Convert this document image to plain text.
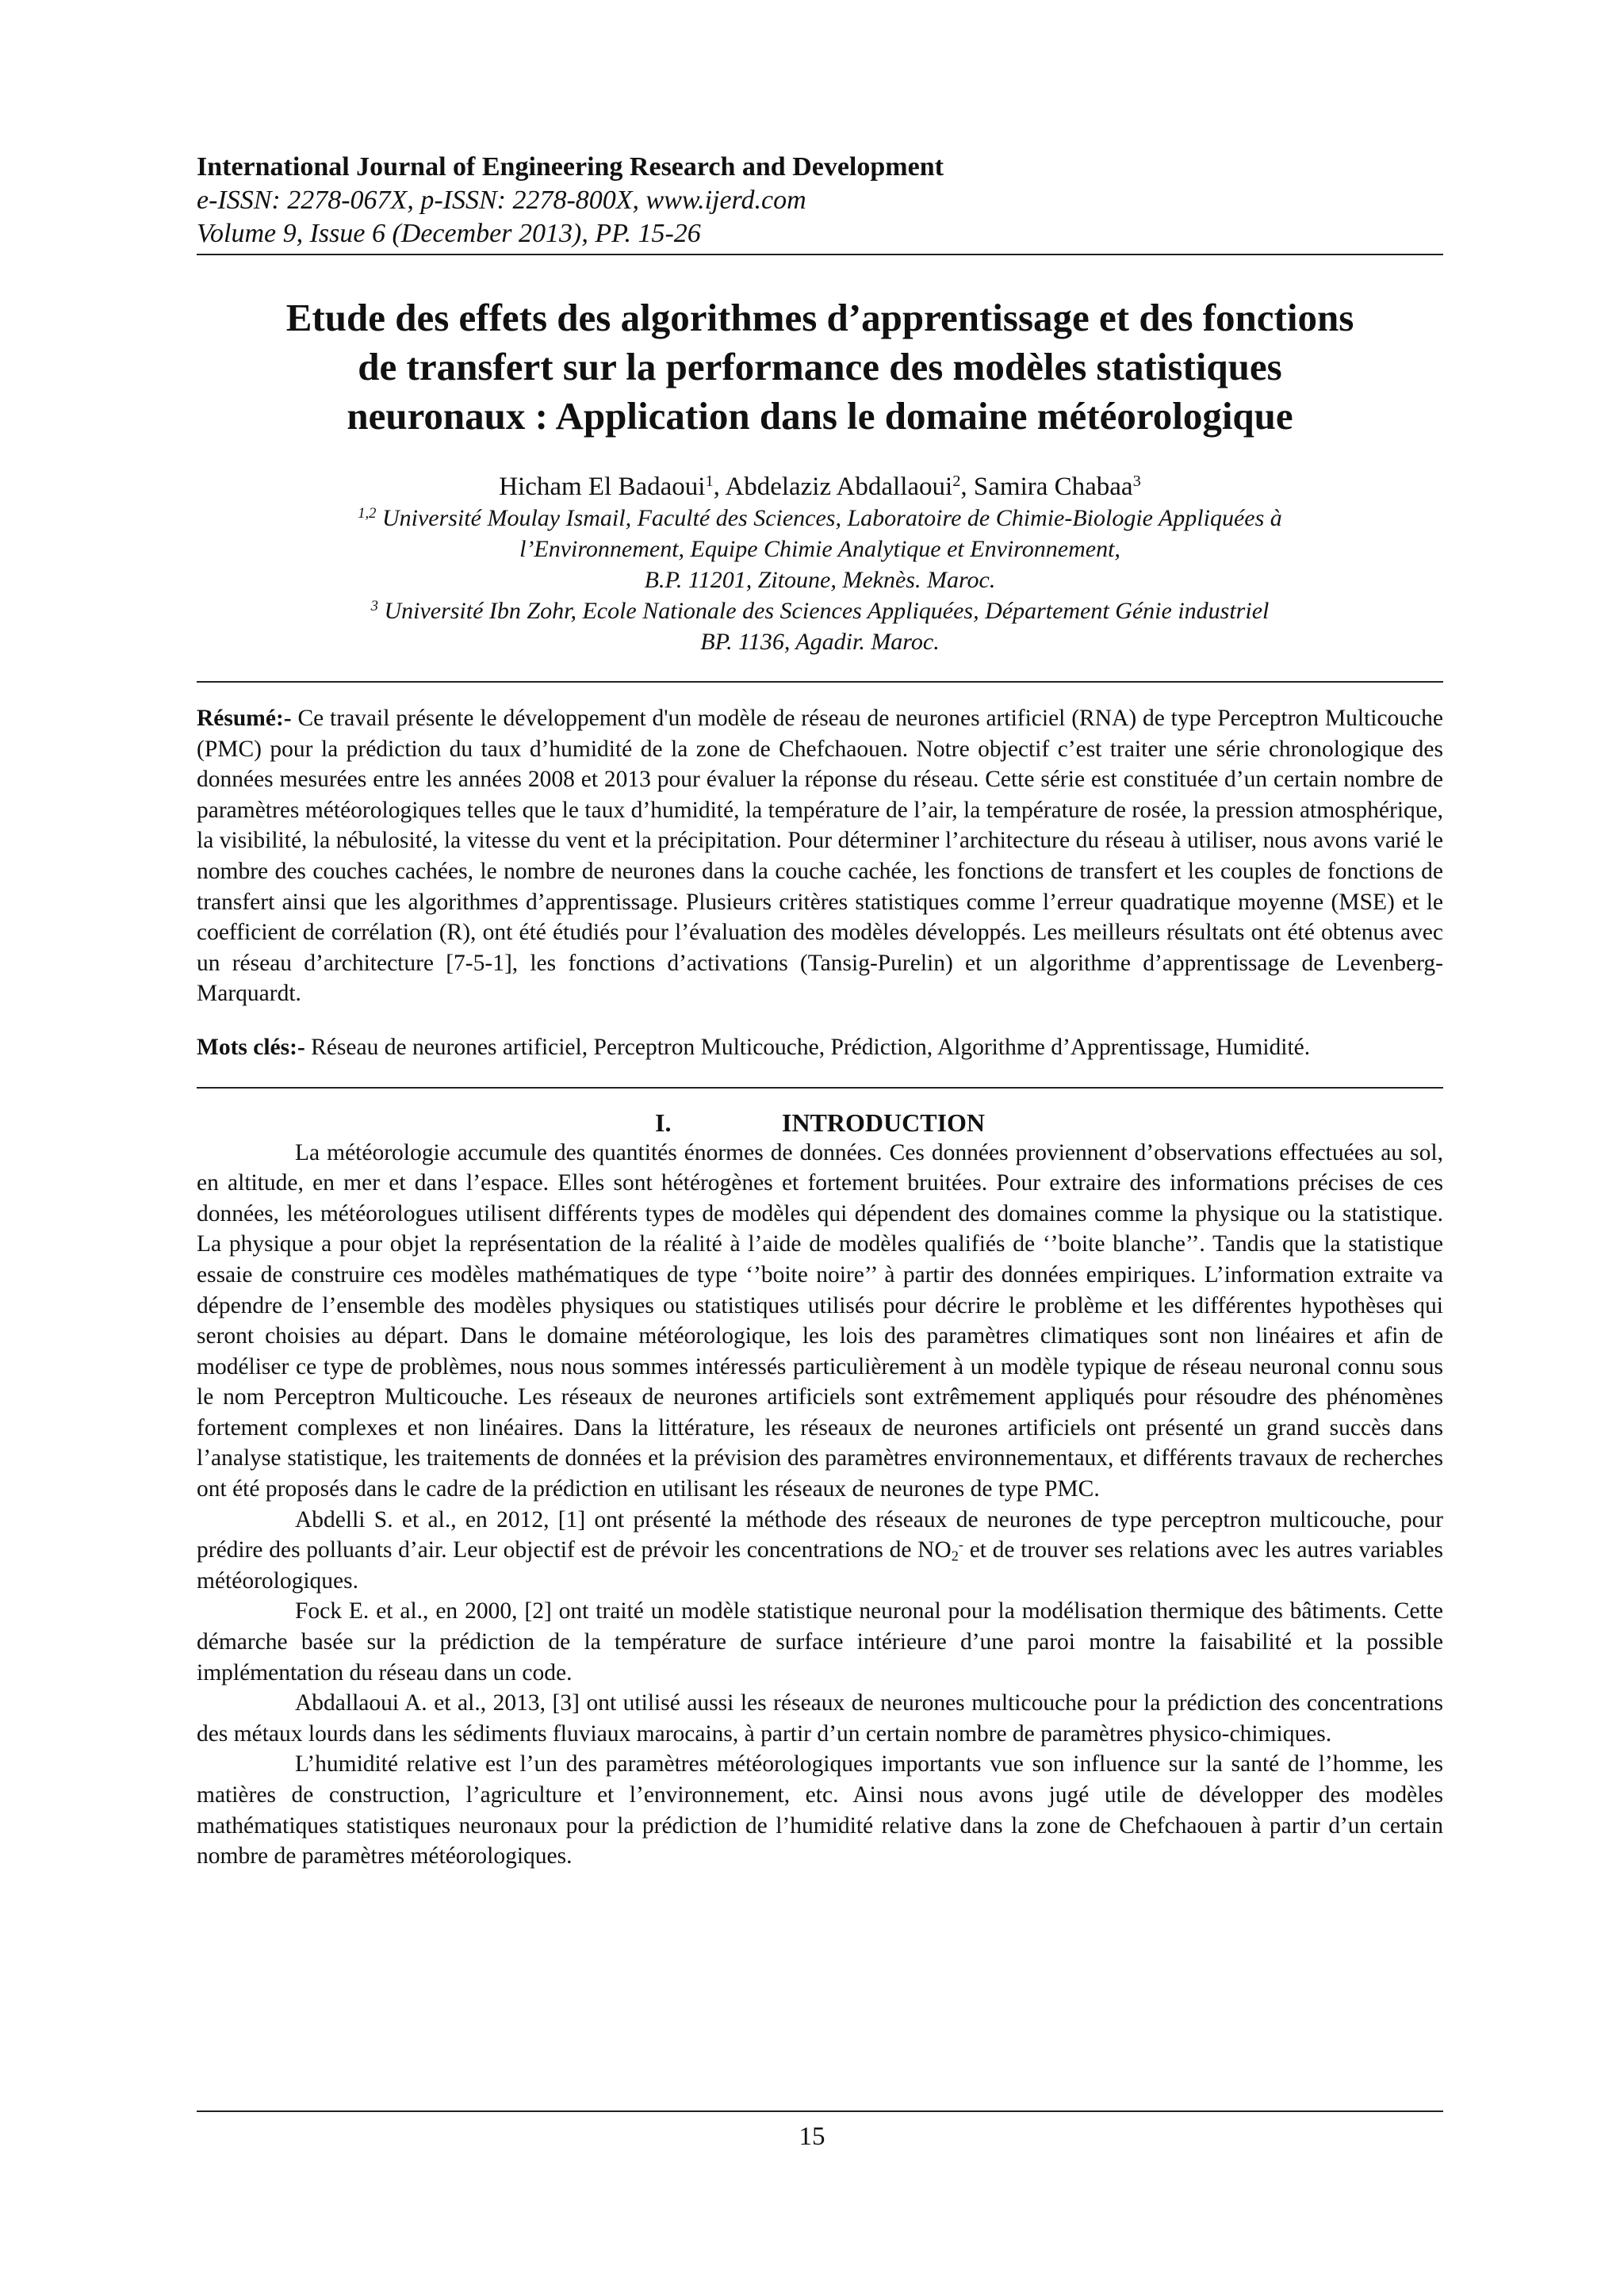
International Journal of Engineering Research and Development
e-ISSN: 2278-067X, p-ISSN: 2278-800X, www.ijerd.com
Volume 9, Issue 6 (December 2013), PP. 15-26
Etude des effets des algorithmes d’apprentissage et des fonctions
de transfert sur la performance des modèles statistiques
neuronaux : Application dans le domaine météorologique
Hicham El Badaoui$^1$, Abdelaziz Abdallaoui$^2$, Samira Chabaa$^3$
$^{1,2}$ Université Moulay Ismail, Faculté des Sciences, Laboratoire de Chimie-Biologie Appliquées à
l’Environnement, Equipe Chimie Analytique et Environnement,
B.P. 11201, Zitoune, Meknès. Maroc.
$^3$ Université Ibn Zohr, Ecole Nationale des Sciences Appliquées, Département Génie industriel
BP. 1136, Agadir. Maroc.

Résumé:- Ce travail présente le développement d'un modèle de réseau de neurones artificiel (RNA) de type Perceptron Multicouche (PMC) pour la prédiction du taux d’humidité de la zone de Chefchaouen. Notre objectif c’est traiter une série chronologique des données mesurées entre les années 2008 et 2013 pour évaluer la réponse du réseau. Cette série est constituée d’un certain nombre de paramètres météorologiques telles que le taux d’humidité, la température de l’air, la température de rosée, la pression atmosphérique, la visibilité, la nébulosité, la vitesse du vent et la précipitation. Pour déterminer l’architecture du réseau à utiliser, nous avons varié le nombre des couches cachées, le nombre de neurones dans la couche cachée, les fonctions de transfert et les couples de fonctions de transfert ainsi que les algorithmes d’apprentissage. Plusieurs critères statistiques comme l’erreur quadratique moyenne (MSE) et le coefficient de corrélation (R), ont été étudiés pour l’évaluation des modèles développés. Les meilleurs résultats ont été obtenus avec un réseau d’architecture [7-5-1], les fonctions d’activations (Tansig-Purelin) et un algorithme d’apprentissage de Levenberg-Marquardt.

Mots clés:- Réseau de neurones artificiel, Perceptron Multicouche, Prédiction, Algorithme d’Apprentissage, Humidité.

I.	INTRODUCTION

La météorologie accumule des quantités énormes de données. Ces données proviennent d’observations effectuées au sol, en altitude, en mer et dans l’espace. Elles sont hétérogènes et fortement bruitées. Pour extraire des informations précises de ces données, les météorologues utilisent différents types de modèles qui dépendent des domaines comme la physique ou la statistique. La physique a pour objet la représentation de la réalité à l’aide de modèles qualifiés de ‘’boite blanche’’. Tandis que la statistique essaie de construire ces modèles mathématiques de type ‘’boite noire’’ à partir des données empiriques. L’information extraite va dépendre de l’ensemble des modèles physiques ou statistiques utilisés pour décrire le problème et les différentes hypothèses qui seront choisies au départ. Dans le domaine météorologique, les lois des paramètres climatiques sont non linéaires et afin de modéliser ce type de problèmes, nous nous sommes intéressés particulièrement à un modèle typique de réseau neuronal connu sous le nom Perceptron Multicouche. Les réseaux de neurones artificiels sont extrêmement appliqués pour résoudre des phénomènes fortement complexes et non linéaires. Dans la littérature, les réseaux de neurones artificiels ont présenté un grand succès dans l’analyse statistique, les traitements de données et la prévision des paramètres environnementaux, et différents travaux de recherches ont été proposés dans le cadre de la prédiction en utilisant les réseaux de neurones de type PMC.

Abdelli S. et al., en 2012, [1] ont présenté la méthode des réseaux de neurones de type perceptron multicouche, pour prédire des polluants d’air. Leur objectif est de prévoir les concentrations de $NO_2^-$ et de trouver ses relations avec les autres variables météorologiques.

Fock E. et al., en 2000, [2] ont traité un modèle statistique neuronal pour la modélisation thermique des bâtiments. Cette démarche basée sur la prédiction de la température de surface intérieure d’une paroi montre la faisabilité et la possible implémentation du réseau dans un code.

Abdallaoui A. et al., 2013, [3] ont utilisé aussi les réseaux de neurones multicouche pour la prédiction des concentrations des métaux lourds dans les sédiments fluviaux marocains, à partir d’un certain nombre de paramètres physico-chimiques.

L’humidité relative est l’un des paramètres météorologiques importants vue son influence sur la santé de l’homme, les matières de construction, l’agriculture et l’environnement, etc. Ainsi nous avons jugé utile de développer des modèles mathématiques statistiques neuronaux pour la prédiction de l’humidité relative dans la zone de Chefchaouen à partir d’un certain nombre de paramètres météorologiques.

15
